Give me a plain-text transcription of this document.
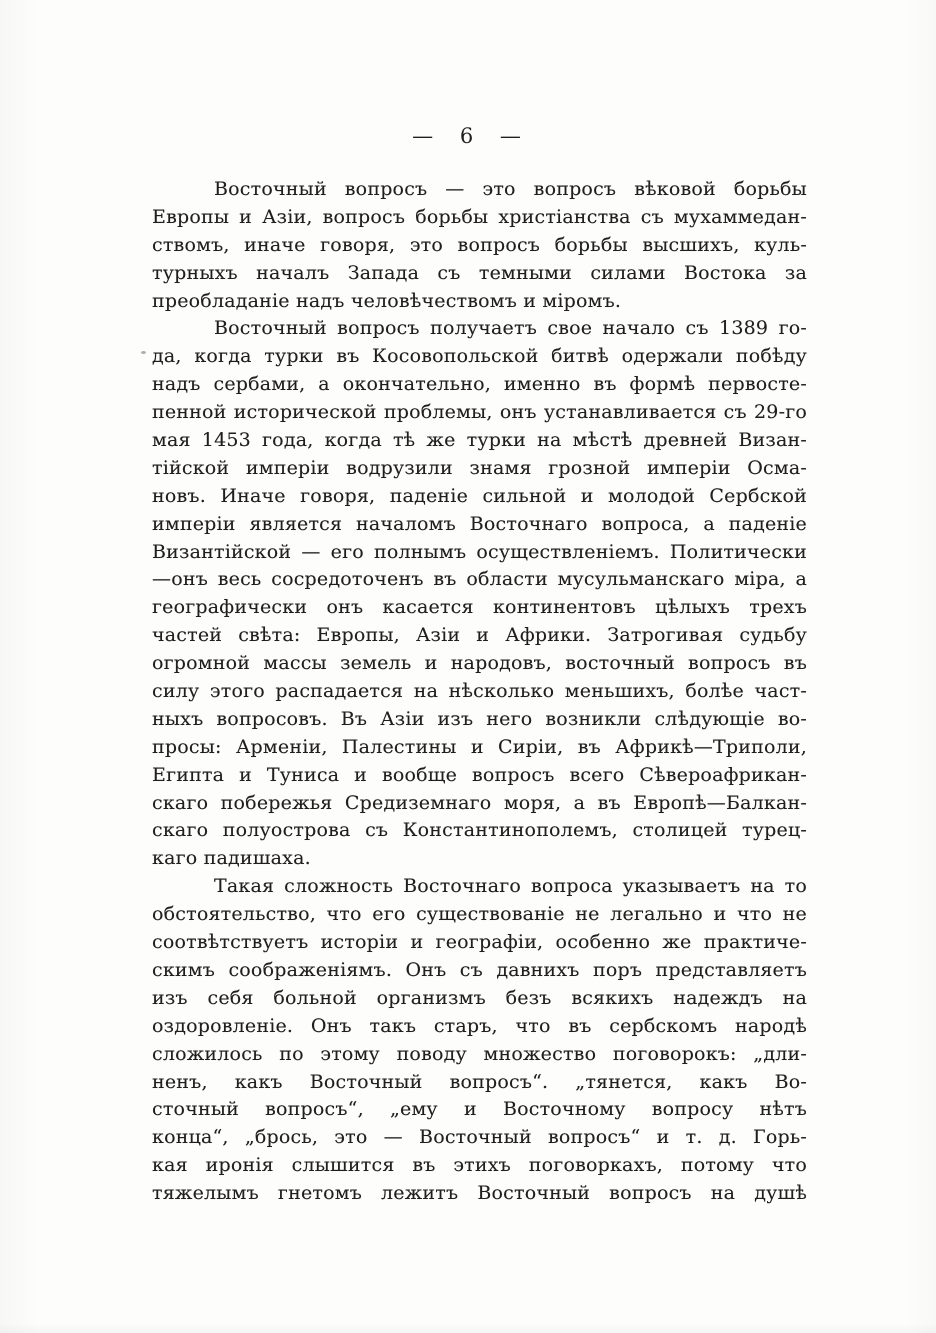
— 6 —
Восточный вопросъ — это вопросъ вѣковой борьбы
Европы и Азіи, вопросъ борьбы христіанства съ мухаммедан-
ствомъ, иначе говоря, это вопросъ борьбы высшихъ, куль-
турныхъ началъ Запада съ темными силами Востока за
преобладаніе надъ человѣчествомъ и міромъ.
Восточный вопросъ получаетъ свое начало съ 1389 го-
да, когда турки въ Косовопольской битвѣ одержали побѣду
надъ сербами, а окончательно, именно въ формѣ первосте-
пенной исторической проблемы, онъ устанавливается съ 29-го
мая 1453 года, когда тѣ же турки на мѣстѣ древней Визан-
тійской имперіи водрузили знамя грозной имперіи Осма-
новъ. Иначе говоря, паденіе сильной и молодой Сербской
имперіи является началомъ Восточнаго вопроса, а паденіе
Византійской — его полнымъ осуществленіемъ. Политически
—онъ весь сосредоточенъ въ области мусульманскаго міра, а
географически онъ касается континентовъ цѣлыхъ трехъ
частей свѣта: Европы, Азіи и Африки. Затрогивая судьбу
огромной массы земель и народовъ, восточный вопросъ въ
силу этого распадается на нѣсколько меньшихъ, болѣе част-
ныхъ вопросовъ. Въ Азіи изъ него возникли слѣдующіе во-
просы: Арменіи, Палестины и Сиріи, въ Африкѣ—Триполи,
Египта и Туниса и вообще вопросъ всего Сѣвероафрикан-
скаго побережья Средиземнаго моря, а въ Европѣ—Балкан-
скаго полуострова съ Константинополемъ, столицей турец-
каго падишаха.
Такая сложность Восточнаго вопроса указываетъ на то
обстоятельство, что его существованіе не легально и что не
соотвѣтствуетъ исторіи и географіи, особенно же практиче-
скимъ соображеніямъ. Онъ съ давнихъ поръ представляетъ
изъ себя больной организмъ безъ всякихъ надеждъ на
оздоровленіе. Онъ такъ старъ, что въ сербскомъ народѣ
сложилось по этому поводу множество поговорокъ: „дли-
ненъ, какъ Восточный вопросъ“. „тянется, какъ Во-
сточный вопросъ“, „ему и Восточному вопросу нѣтъ
конца“, „брось, это — Восточный вопросъ“ и т. д. Горь-
кая иронія слышится въ этихъ поговоркахъ, потому что
тяжелымъ гнетомъ лежитъ Восточный вопросъ на душѣ
